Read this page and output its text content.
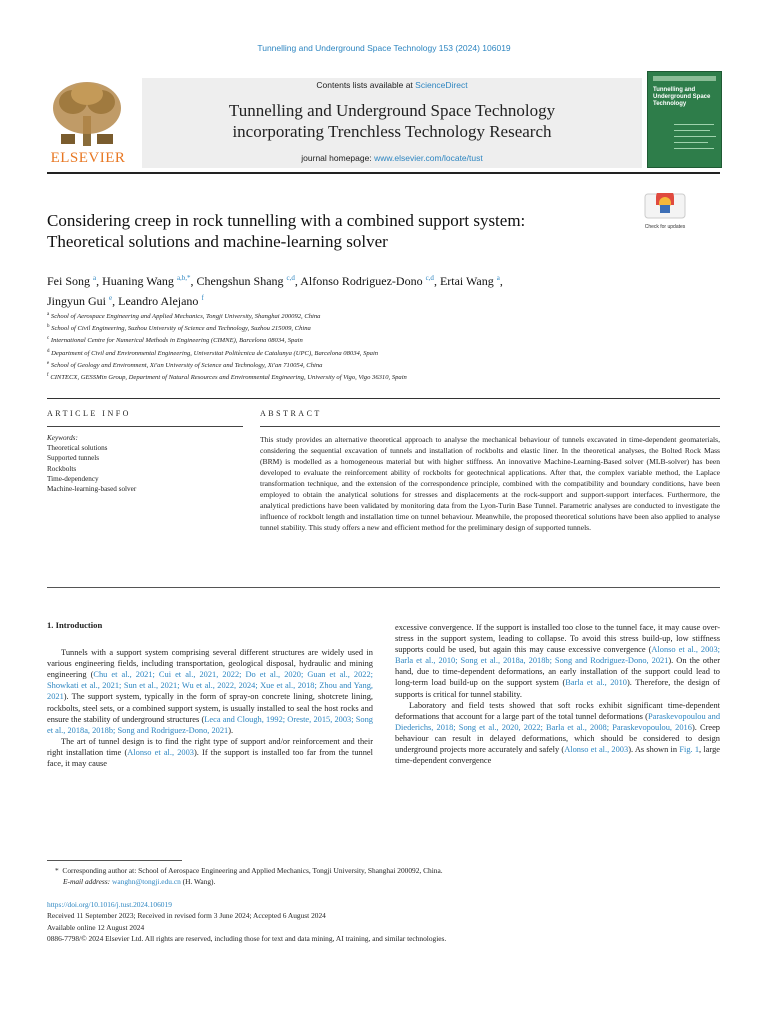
Tunnelling and Underground Space Technology 153 (2024) 106019
ELSEVIER
Contents lists available at ScienceDirect
Tunnelling and Underground Space Technology
incorporating Trenchless Technology Research
journal homepage: www.elsevier.com/locate/tust
Tunnelling and Underground Space Technology
Check for updates
Considering creep in rock tunnelling with a combined support system:
Theoretical solutions and machine-learning solver
Fei Song $^a$, Huaning Wang $^{a,b,*}$, Chengshun Shang $^{c,d}$, Alfonso Rodriguez-Dono $^{c,d}$, Ertai Wang $^a$,
Jingyun Gui $^e$, Leandro Alejano $^f$
$^a$ School of Aerospace Engineering and Applied Mechanics, Tongji University, Shanghai 200092, China
$^b$ School of Civil Engineering, Suzhou University of Science and Technology, Suzhou 215009, China
$^c$ International Centre for Numerical Methods in Engineering (CIMNE), Barcelona 08034, Spain
$^d$ Department of Civil and Environmental Engineering, Universitat Politècnica de Catalunya (UPC), Barcelona 08034, Spain
$^e$ School of Geology and Environment, Xi'an University of Science and Technology, Xi'an 710054, China
$^f$ CINTECX, GESSMin Group, Department of Natural Resources and Environmental Engineering, University of Vigo, Vigo 36310, Spain
ARTICLE INFO
Keywords:
Theoretical solutions
Supported tunnels
Rockbolts
Time-dependency
Machine-learning-based solver
ABSTRACT
This study provides an alternative theoretical approach to analyse the mechanical behaviour of tunnels excavated in time-dependent geomaterials, considering the sequential excavation of tunnels and installation of rockbolts and elastic liner. In the theoretical analyses, the Bolted Rock Mass (BRM) is modelled as a homogeneous material but with higher stiffness. An innovative Machine-Learning-Based solver (MLB-solver) has been developed to evaluate the reinforcement ability of rockbolts for geotechnical applications. After that, the complex variable method, the Laplace transformation technique, and the extension of the correspondence principle, combined with the compatibility and boundary conditions, have been employed to obtain the analytical solutions for stresses and displacements at the rock-support and support-support interfaces. Furthermore, the analytical predictions have been validated by monitoring data from the Lyon-Turin Base Tunnel. Parametric analyses are conducted to investigate the influence of rockbolt length and installation time on tunnel behaviour. Meanwhile, the proposed theoretical solutions have been also applied to analyse tunnel stability. This study offers a new and efficient method for the preliminary design of supported tunnels.
1. Introduction

Tunnels with a support system comprising several different structures are widely used in various engineering fields, including transportation, geological disposal, hydraulic and mining engineering (Chu et al., 2021; Cui et al., 2021, 2022; Do et al., 2020; Guan et al., 2022; Showkati et al., 2021; Sun et al., 2021; Wu et al., 2022, 2024; Xue et al., 2018; Zhou and Yang, 2021). The support system, typically in the form of spray-on concrete lining, shotcrete lining, rockbolts, steel sets, or a combined support system, is usually installed to seal the host rocks and ensure the stability of underground structures (Leca and Clough, 1992; Oreste, 2015, 2003; Song et al., 2018a, 2018b; Song and Rodriguez-Dono, 2021).

The art of tunnel design is to find the right type of support and/or reinforcement and their right installation time (Alonso et al., 2003). If the support is installed too far from the tunnel face, it may cause

excessive convergence. If the support is installed too close to the tunnel face, it may cause over-stress in the support system, leading to collapse. To avoid this stress build-up, low stiffness supports could be used, but again this may cause excessive convergence (Alonso et al., 2003; Barla et al., 2010; Song et al., 2018a, 2018b; Song and Rodriguez-Dono, 2021). On the other hand, due to time-dependent deformations, an early installation of the support could lead to long-term load build-up on the support system (Barla et al., 2010). Therefore, the design of supports is critical for tunnel stability.

Laboratory and field tests showed that soft rocks exhibit significant time-dependent deformations that account for a large part of the total tunnel deformations (Paraskevopoulou and Diederichs, 2018; Song et al., 2020, 2022; Barla et al., 2008; Paraskevopoulou, 2016). Creep behaviour can result in delayed deformations, which should be considered to design underground projects more accurately and safely (Alonso et al., 2003). As shown in Fig. 1, large time-dependent convergence

*  Corresponding author at: School of Aerospace Engineering and Applied Mechanics, Tongji University, Shanghai 200092, China.
E-mail address: wanghn@tongji.edu.cn (H. Wang).
https://doi.org/10.1016/j.tust.2024.106019
Received 11 September 2023; Received in revised form 3 June 2024; Accepted 6 August 2024
Available online 12 August 2024
0886-7798/© 2024 Elsevier Ltd. All rights are reserved, including those for text and data mining, AI training, and similar technologies.
